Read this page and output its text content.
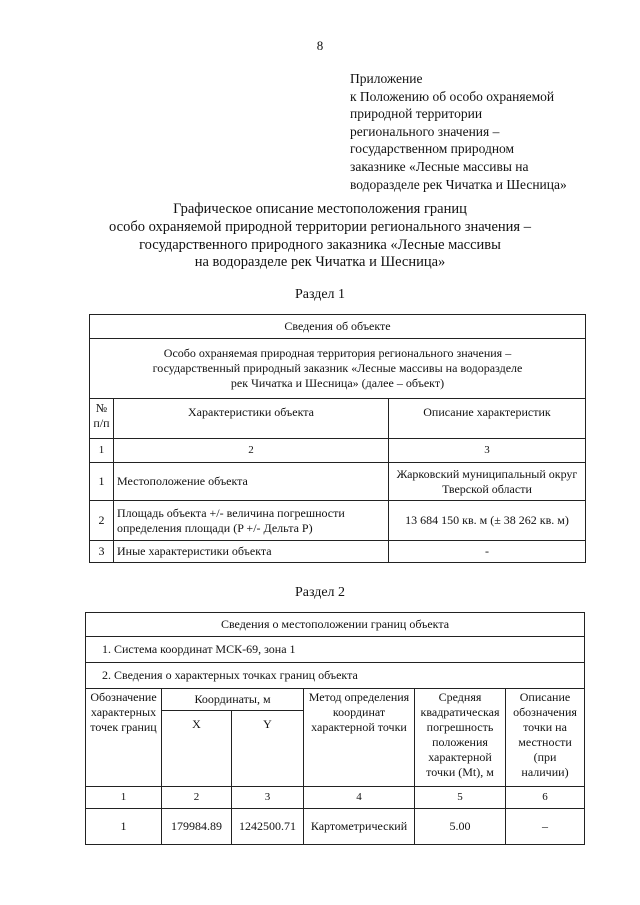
8
Приложение
к Положению об особо охраняемой
природной территории
регионального значения –
государственном природном
заказнике «Лесные массивы на
водоразделе рек Чичатка и Шесница»
Графическое описание местоположения границ
особо охраняемой природной территории регионального значения –
государственного природного заказника «Лесные массивы
на водоразделе рек Чичатка и Шесница»
Раздел 1
Сведения об объекте		

Особо охраняемая природная территория регионального значения –
государственный природный заказник «Лесные массивы на водоразделе
рек Чичатка и Шесница» (далее – объект)		

№ п/п	Характеристики объекта	Описание характеристик
1	2	3
1	Местоположение объекта	Жарковский муниципальный округ Тверской области
2	Площадь объекта +/- величина погрешности определения площади (P +/- Дельта P)	13 684 150 кв. м (± 38 262 кв. м)
3	Иные характеристики объекта	-
Раздел 2
Сведения о местоположении границ объекта					
1. Система координат МСК-69, зона 1					
2. Сведения о характерных точках границ объекта					
Обозначение характерных точек границ	Координаты, м		Метод определения координат характерной точки	Средняя квадратическая погрешность положения характерной точки (Мt), м	Описание обозначения точки на местности (при наличии)
	X	Y			
1	2	3	4	5	6
1	179984.89	1242500.71	Картометрический	5.00	–
